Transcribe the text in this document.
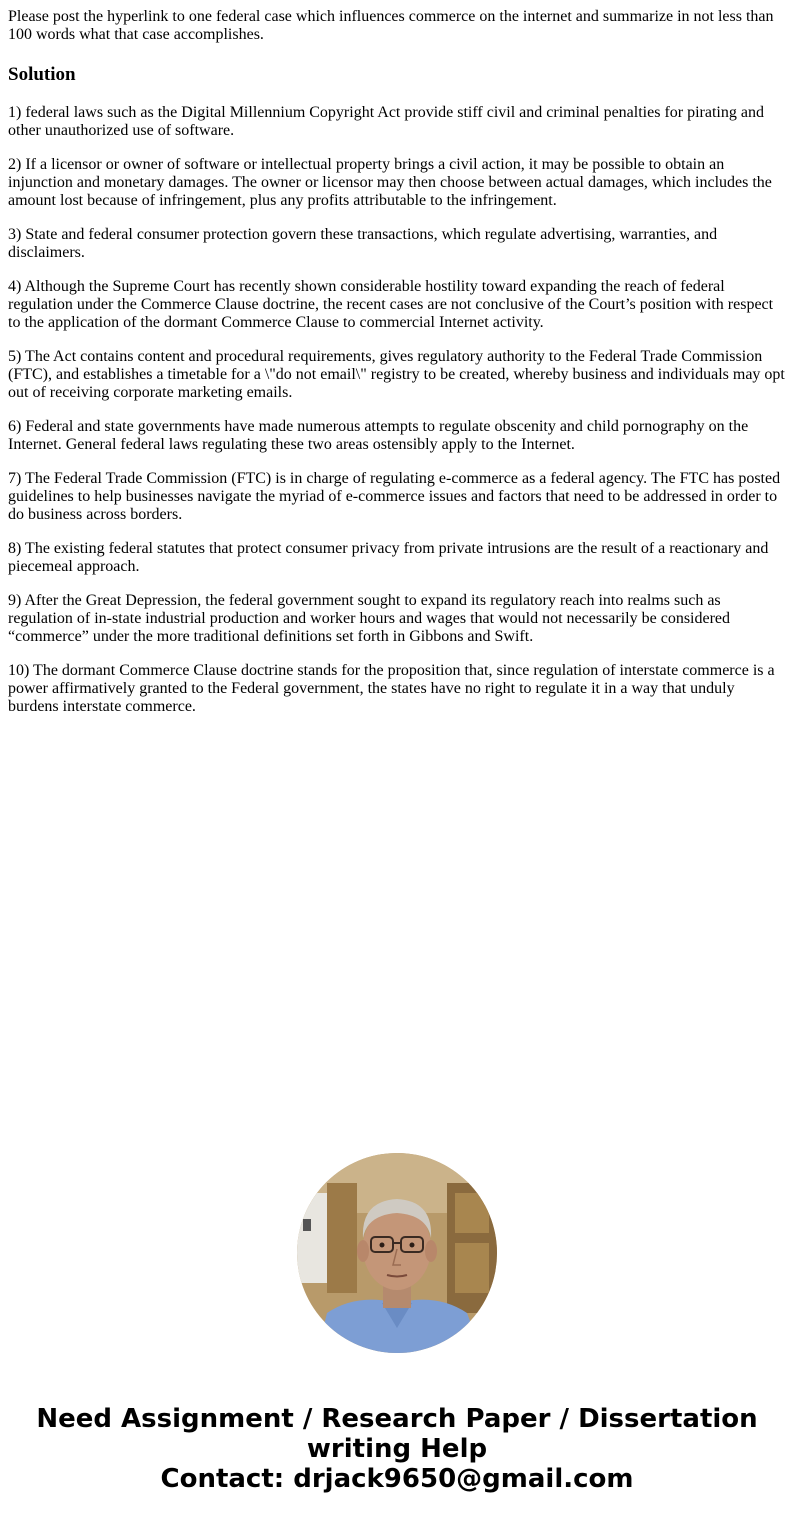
Please post the hyperlink to one federal case which influences commerce on the internet and summarize in not less than 100 words what that case accomplishes.

Solution

1) federal laws such as the Digital Millennium Copyright Act provide stiff civil and criminal penalties for pirating and other unauthorized use of software.

2) If a licensor or owner of software or intellectual property brings a civil action, it may be possible to obtain an injunction and monetary damages. The owner or licensor may then choose between actual damages, which includes the amount lost because of infringement, plus any profits attributable to the infringement.

3) State and federal consumer protection govern these transactions, which regulate advertising, warranties, and disclaimers.

4) Although the Supreme Court has recently shown considerable hostility toward expanding the reach of federal regulation under the Commerce Clause doctrine, the recent cases are not conclusive of the Court’s position with respect to the application of the dormant Commerce Clause to commercial Internet activity.

5) The Act contains content and procedural requirements, gives regulatory authority to the Federal Trade Commission (FTC), and establishes a timetable for a \"do not email\" registry to be created, whereby business and individuals may opt out of receiving corporate marketing emails.

6) Federal and state governments have made numerous attempts to regulate obscenity and child pornography on the Internet. General federal laws regulating these two areas ostensibly apply to the Internet.

7) The Federal Trade Commission (FTC) is in charge of regulating e-commerce as a federal agency. The FTC has posted guidelines to help businesses navigate the myriad of e-commerce issues and factors that need to be addressed in order to do business across borders.

8) The existing federal statutes that protect consumer privacy from private intrusions are the result of a reactionary and piecemeal approach.

9) After the Great Depression, the federal government sought to expand its regulatory reach into realms such as regulation of in-state industrial production and worker hours and wages that would not necessarily be considered “commerce” under the more traditional definitions set forth in Gibbons and Swift.

10) The dormant Commerce Clause doctrine stands for the proposition that, since regulation of interstate commerce is a power affirmatively granted to the Federal government, the states have no right to regulate it in a way that unduly burdens interstate commerce.

Need Assignment / Research Paper / Dissertation
writing Help
Contact: drjack9650@gmail.com
